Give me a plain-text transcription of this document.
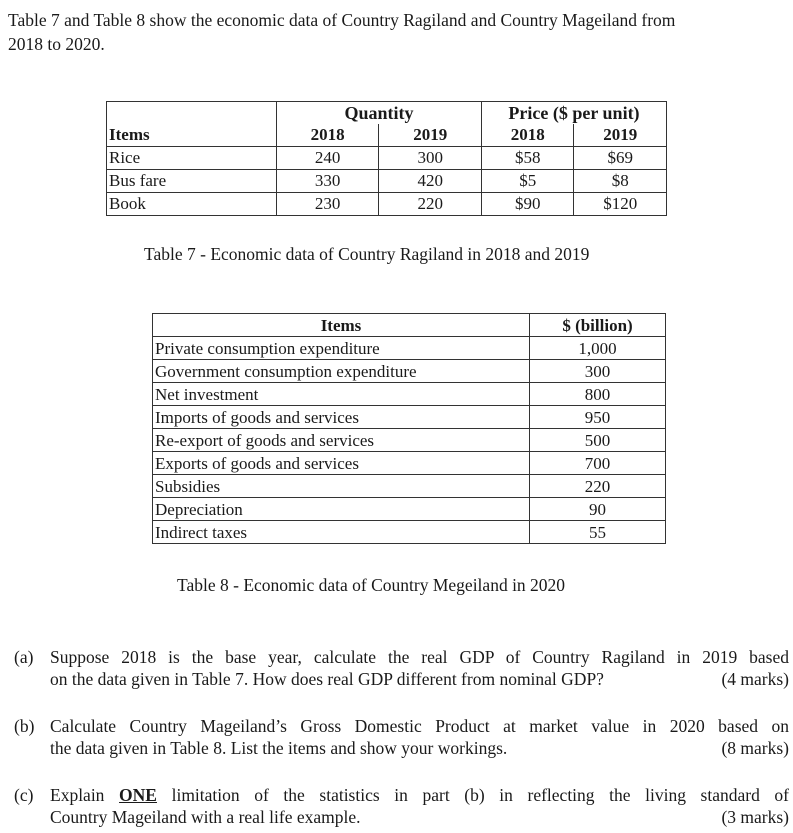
Table 7 and Table 8 show the economic data of Country Ragiland and Country Mageiland from
2018 to 2020.
	Quantity		Price ($ per unit)	
Items	2018	2019	2018	2019
Rice	240	300	$58	$69
Bus fare	330	420	$5	$8
Book	230	220	$90	$120
Table 7 - Economic data of Country Ragiland in 2018 and 2019
Items	$ (billion)
Private consumption expenditure	1,000
Government consumption expenditure	300
Net investment	800
Imports of goods and services	950
Re-export of goods and services	500
Exports of goods and services	700
Subsidies	220
Depreciation	90
Indirect taxes	55
Table 8 - Economic data of Country Megeiland in 2020
(a) Suppose 2018 is the base year, calculate the real GDP of Country Ragiland in 2019 based
on the data given in Table 7. How does real GDP different from nominal GDP?	(4 marks)
(b) Calculate Country Mageiland’s Gross Domestic Product at market value in 2020 based on
the data given in Table 8. List the items and show your workings.	(8 marks)
(c) Explain ONE limitation of the statistics in part (b) in reflecting the living standard of
Country Mageiland with a real life example.	(3 marks)
